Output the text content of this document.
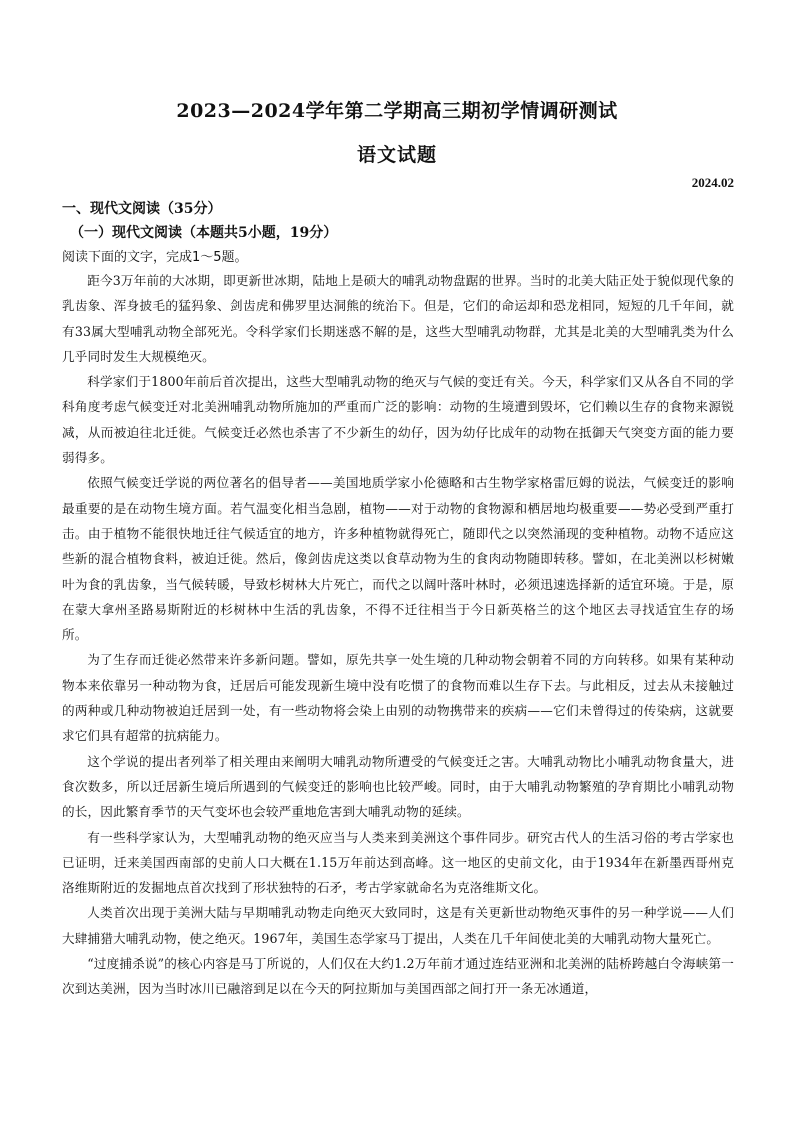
2023—2024学年第二学期高三期初学情调研测试
语文试题
2024.02
一、现代文阅读（35分）
（一）现代文阅读（本题共5小题，19分）
阅读下面的文字，完成1～5题。

距今3万年前的大冰期，即更新世冰期，陆地上是硕大的哺乳动物盘踞的世界。当时的北美大陆正处于貌似现代象的乳齿象、浑身披毛的猛犸象、剑齿虎和佛罗里达洞熊的统治下。但是，它们的命运却和恐龙相同，短短的几千年间，就有33属大型哺乳动物全部死光。令科学家们长期迷惑不解的是，这些大型哺乳动物群，尤其是北美的大型哺乳类为什么几乎同时发生大规模绝灭。

科学家们于1800年前后首次提出，这些大型哺乳动物的绝灭与气候的变迁有关。今天，科学家们又从各自不同的学科角度考虑气候变迁对北美洲哺乳动物所施加的严重而广泛的影响：动物的生境遭到毁坏，它们赖以生存的食物来源锐减，从而被迫往北迁徙。气候变迁必然也杀害了不少新生的幼仔，因为幼仔比成年的动物在抵御天气突变方面的能力要弱得多。

依照气候变迁学说的两位著名的倡导者——美国地质学家小伦德略和古生物学家格雷厄姆的说法，气候变迁的影响最重要的是在动物生境方面。若气温变化相当急剧，植物——对于动物的食物源和栖居地均极重要——势必受到严重打击。由于植物不能很快地迁往气候适宜的地方，许多种植物就得死亡，随即代之以突然涌现的变种植物。动物不适应这些新的混合植物食料，被迫迁徙。然后，像剑齿虎这类以食草动物为生的食肉动物随即转移。譬如，在北美洲以杉树嫩叶为食的乳齿象，当气候转暖，导致杉树林大片死亡，而代之以阔叶落叶林时，必须迅速选择新的适宜环境。于是，原在蒙大拿州圣路易斯附近的杉树林中生活的乳齿象，不得不迁往相当于今日新英格兰的这个地区去寻找适宜生存的场所。

为了生存而迁徙必然带来许多新问题。譬如，原先共享一处生境的几种动物会朝着不同的方向转移。如果有某种动物本来依靠另一种动物为食，迁居后可能发现新生境中没有吃惯了的食物而难以生存下去。与此相反，过去从未接触过的两种或几种动物被迫迁居到一处，有一些动物将会染上由别的动物携带来的疾病——它们未曾得过的传染病，这就要求它们具有超常的抗病能力。

这个学说的提出者列举了相关理由来阐明大哺乳动物所遭受的气候变迁之害。大哺乳动物比小哺乳动物食量大，进食次数多，所以迁居新生境后所遇到的气候变迁的影响也比较严峻。同时，由于大哺乳动物繁殖的孕育期比小哺乳动物的长，因此繁育季节的天气变坏也会较严重地危害到大哺乳动物的延续。

有一些科学家认为，大型哺乳动物的绝灭应当与人类来到美洲这个事件同步。研究古代人的生活习俗的考古学家也已证明，迁来美国西南部的史前人口大概在1.15万年前达到高峰。这一地区的史前文化，由于1934年在新墨西哥州克洛维斯附近的发掘地点首次找到了形状独特的石矛，考古学家就命名为克洛维斯文化。

人类首次出现于美洲大陆与早期哺乳动物走向绝灭大致同时，这是有关更新世动物绝灭事件的另一种学说——人们大肆捕猎大哺乳动物，使之绝灭。1967年，美国生态学家马丁提出，人类在几千年间使北美的大哺乳动物大量死亡。

“过度捕杀说”的核心内容是马丁所说的，人们仅在大约1.2万年前才通过连结亚洲和北美洲的陆桥跨越白令海峡第一次到达美洲，因为当时冰川已融溶到足以在今天的阿拉斯加与美国西部之间打开一条无冰通道，
